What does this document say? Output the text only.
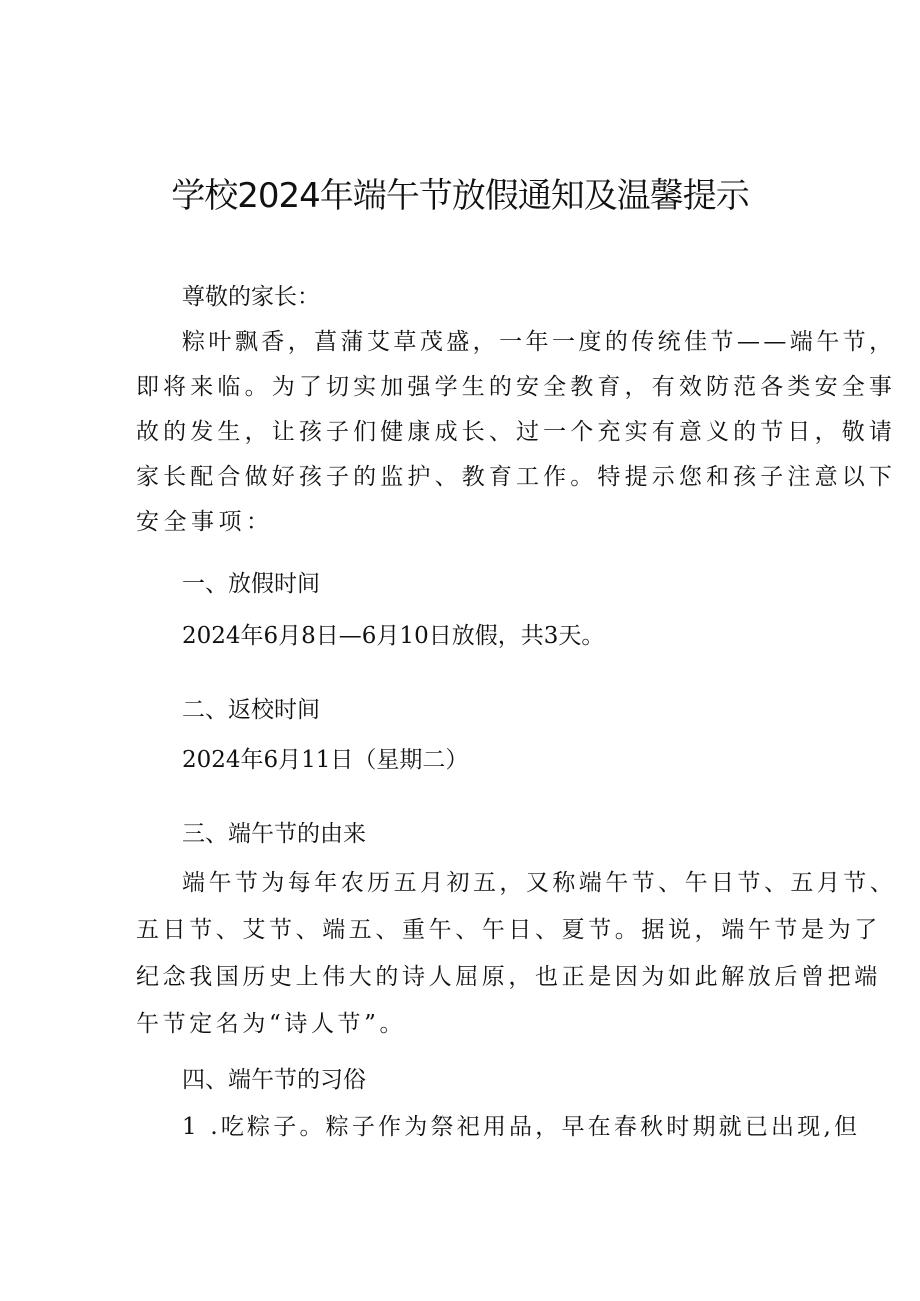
学校2024年端午节放假通知及温馨提示
尊敬的家长：
粽叶飘香，菖蒲艾草茂盛，一年一度的传统佳节——端午节，
即将来临。为了切实加强学生的安全教育，有效防范各类安全事
故的发生，让孩子们健康成长、过一个充实有意义的节日，敬请
家长配合做好孩子的监护、教育工作。特提示您和孩子注意以下
安全事项：
一、放假时间
2024年6月8日—6月10日放假，共3天。
二、返校时间
2024年6月11日（星期二）
三、端午节的由来
端午节为每年农历五月初五，又称端午节、午日节、五月节、
五日节、艾节、端五、重午、午日、夏节。据说，端午节是为了
纪念我国历史上伟大的诗人屈原，也正是因为如此解放后曾把端
午节定名为“诗人节”。
四、端午节的习俗
1 .吃粽子。粽子作为祭祀用品，早在春秋时期就已出现,但
